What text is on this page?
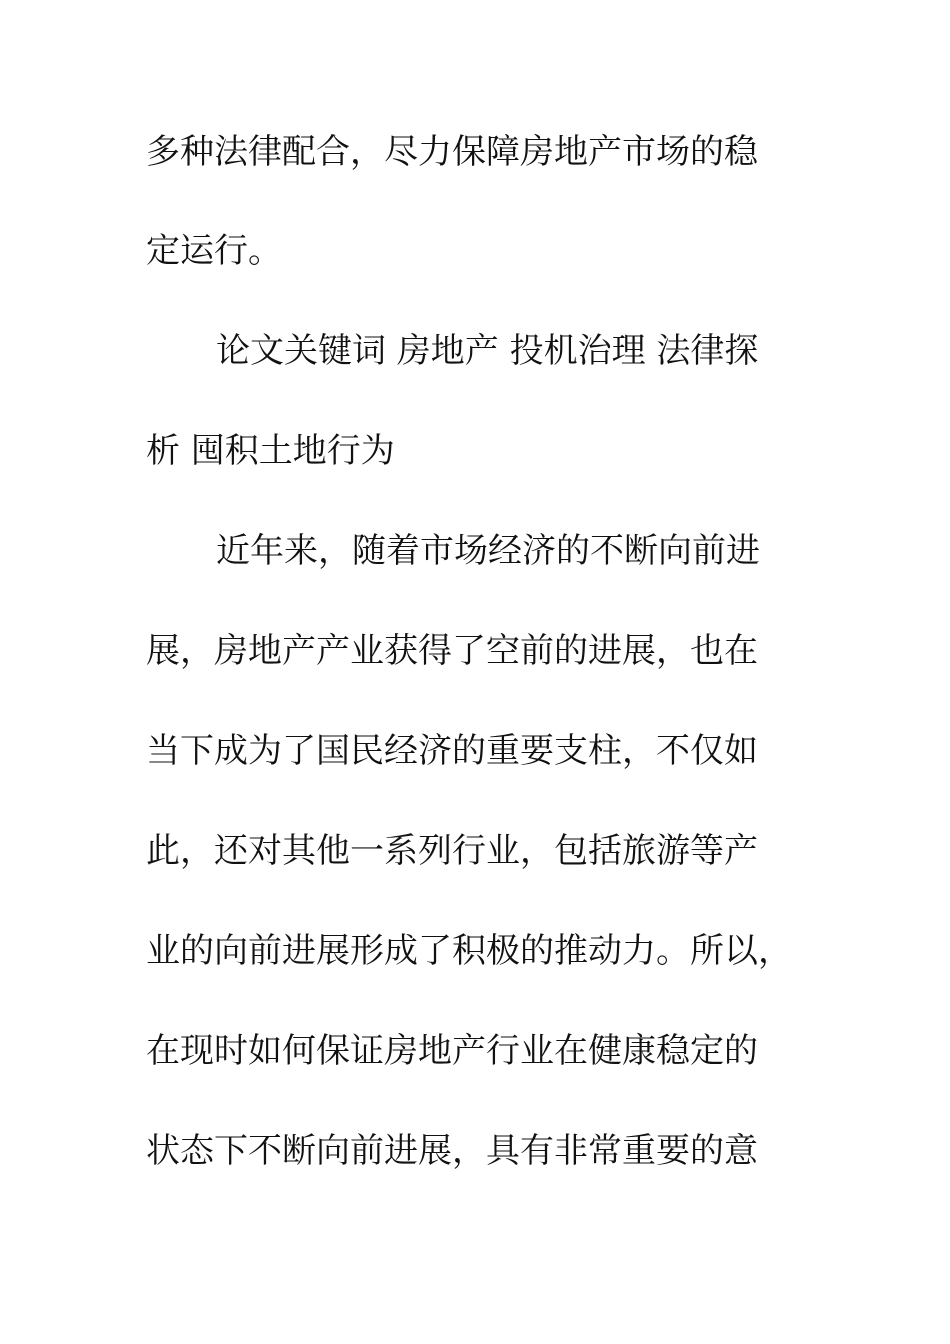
多种法律配合，尽力保障房地产市场的稳

定运行。

论文关键词 房地产 投机治理 法律探

析 囤积土地行为

近年来，随着市场经济的不断向前进

展，房地产产业获得了空前的进展，也在

当下成为了国民经济的重要支柱，不仅如

此，还对其他一系列行业，包括旅游等产

业的向前进展形成了积极的推动力。所以，

在现时如何保证房地产行业在健康稳定的

状态下不断向前进展，具有非常重要的意
